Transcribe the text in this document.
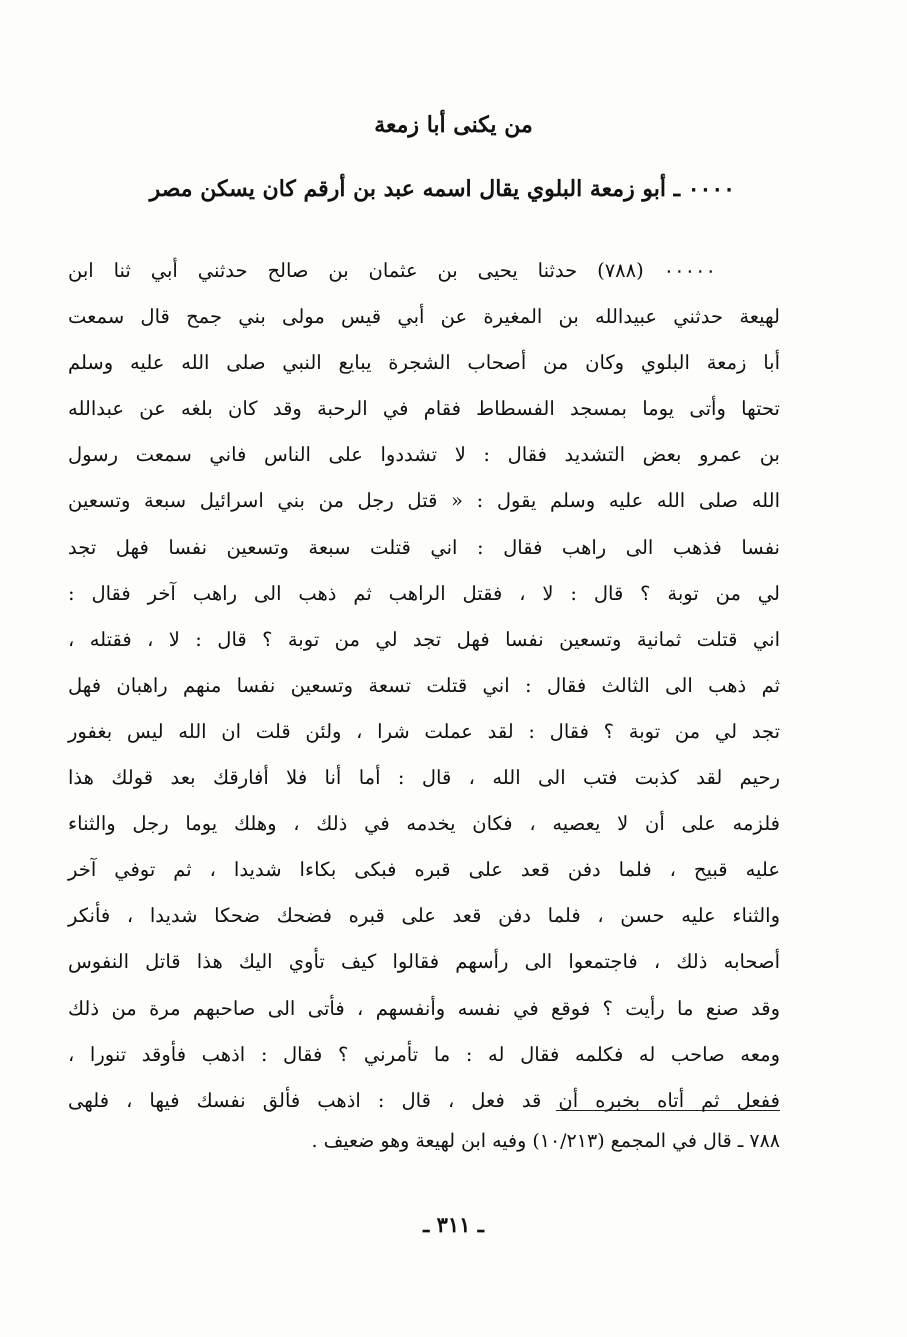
من يكنى أبا زمعة
٠٠٠٠ ـ أبو زمعة البلوي يقال اسمه عبد بن أرقم كان يسكن مصر
٠٠٠٠٠ (٧٨٨) حدثنا يحيى بن عثمان بن صالح حدثني أبي ثنا ابن
لهيعة حدثني عبيدالله بن المغيرة عن أبي قيس مولى بني جمح قال سمعت
أبا زمعة البلوي وكان من أصحاب الشجرة يبايع النبي صلى الله عليه وسلم
تحتها وأتى يوما بمسجد الفسطاط فقام في الرحبة وقد كان بلغه عن عبدالله
بن عمرو بعض التشديد فقال : لا تشددوا على الناس فاني سمعت رسول
الله صلى الله عليه وسلم يقول : « قتل رجل من بني اسرائيل سبعة وتسعين
نفسا فذهب الى راهب فقال : اني قتلت سبعة وتسعين نفسا فهل تجد
لي من توبة ؟ قال : لا ، فقتل الراهب ثم ذهب الى راهب آخر فقال :
اني قتلت ثمانية وتسعين نفسا فهل تجد لي من توبة ؟ قال : لا ، فقتله ،
ثم ذهب الى الثالث فقال : اني قتلت تسعة وتسعين نفسا منهم راهبان فهل
تجد لي من توبة ؟ فقال : لقد عملت شرا ، ولئن قلت ان الله ليس بغفور
رحيم لقد كذبت فتب الى الله ، قال : أما أنا فلا أفارقك بعد قولك هذا
فلزمه على أن لا يعصيه ، فكان يخدمه في ذلك ، وهلك يوما رجل والثناء
عليه قبيح ، فلما دفن قعد على قبره فبكى بكاءا شديدا ، ثم توفي آخر
والثناء عليه حسن ، فلما دفن قعد على قبره فضحك ضحكا شديدا ، فأنكر
أصحابه ذلك ، فاجتمعوا الى رأسهم فقالوا كيف تأوي اليك هذا قاتل النفوس
وقد صنع ما رأيت ؟ فوقع في نفسه وأنفسهم ، فأتى الى صاحبهم مرة من ذلك
ومعه صاحب له فكلمه فقال له : ما تأمرني ؟ فقال : اذهب فأوقد تنورا ،
ففعل ثم أتاه بخبره أن قد فعل ، قال : اذهب فألق نفسك فيها ، فلهى
٧٨٨ ـ قال في المجمع (١٠/٢١٣) وفيه ابن لهيعة وهو ضعيف .
ـ ٣١١ ـ
